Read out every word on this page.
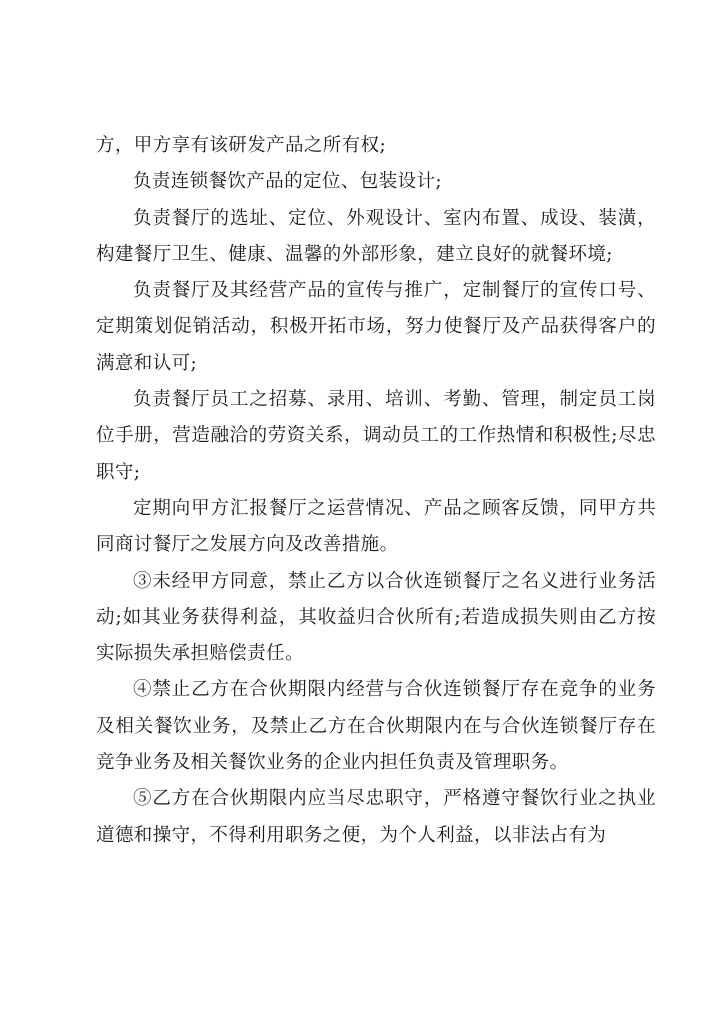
方，甲方享有该研发产品之所有权;

负责连锁餐饮产品的定位、包装设计;

负责餐厅的选址、定位、外观设计、室内布置、成设、装潢，构建餐厅卫生、健康、温馨的外部形象，建立良好的就餐环境;

负责餐厅及其经营产品的宣传与推广，定制餐厅的宣传口号、定期策划促销活动，积极开拓市场，努力使餐厅及产品获得客户的满意和认可;

负责餐厅员工之招募、录用、培训、考勤、管理，制定员工岗位手册，营造融洽的劳资关系，调动员工的工作热情和积极性;尽忠职守;

定期向甲方汇报餐厅之运营情况、产品之顾客反馈，同甲方共同商讨餐厅之发展方向及改善措施。

③未经甲方同意，禁止乙方以合伙连锁餐厅之名义进行业务活动;如其业务获得利益，其收益归合伙所有;若造成损失则由乙方按实际损失承担赔偿责任。

④禁止乙方在合伙期限内经营与合伙连锁餐厅存在竞争的业务及相关餐饮业务，及禁止乙方在合伙期限内在与合伙连锁餐厅存在竞争业务及相关餐饮业务的企业内担任负责及管理职务。

⑤乙方在合伙期限内应当尽忠职守，严格遵守餐饮行业之执业道德和操守，不得利用职务之便，为个人利益，以非法占有为
